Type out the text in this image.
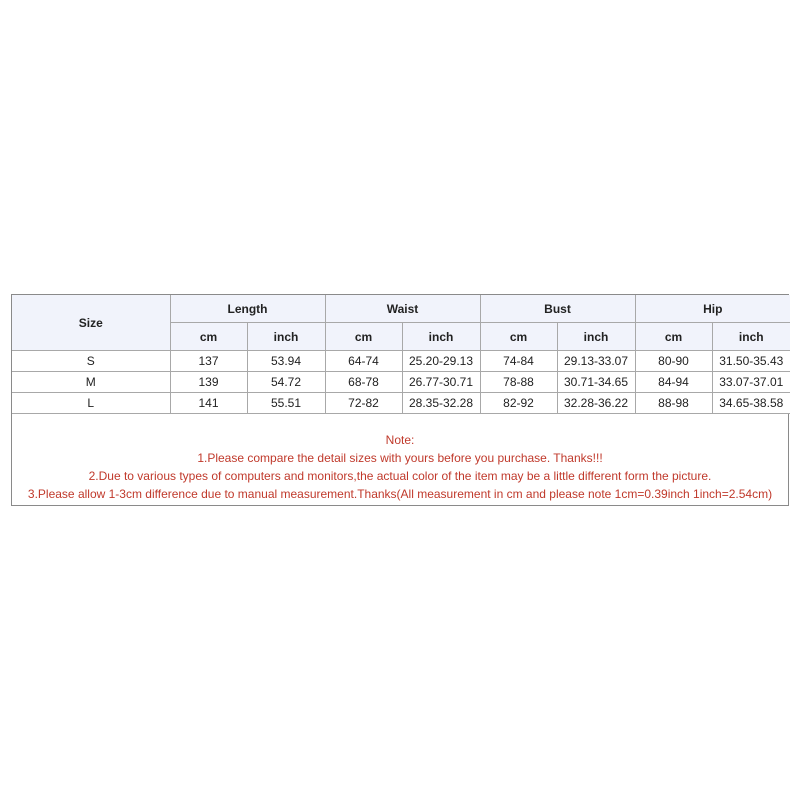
Size	Length		Waist		Bust		Hip	
	cm	inch	cm	inch	cm	inch	cm	inch
S	137	53.94	64-74	25.20-29.13	74-84	29.13-33.07	80-90	31.50-35.43
M	139	54.72	68-78	26.77-30.71	78-88	30.71-34.65	84-94	33.07-37.01
L	141	55.51	72-82	28.35-32.28	82-92	32.28-36.22	88-98	34.65-38.58
Note:
1.Please compare the detail sizes with yours before you purchase. Thanks!!!
2.Due to various types of computers and monitors,the actual color of the item may be a little different form the picture.
3.Please allow 1-3cm difference due to manual measurement.Thanks(All measurement in cm and please note 1cm=0.39inch 1inch=2.54cm)
